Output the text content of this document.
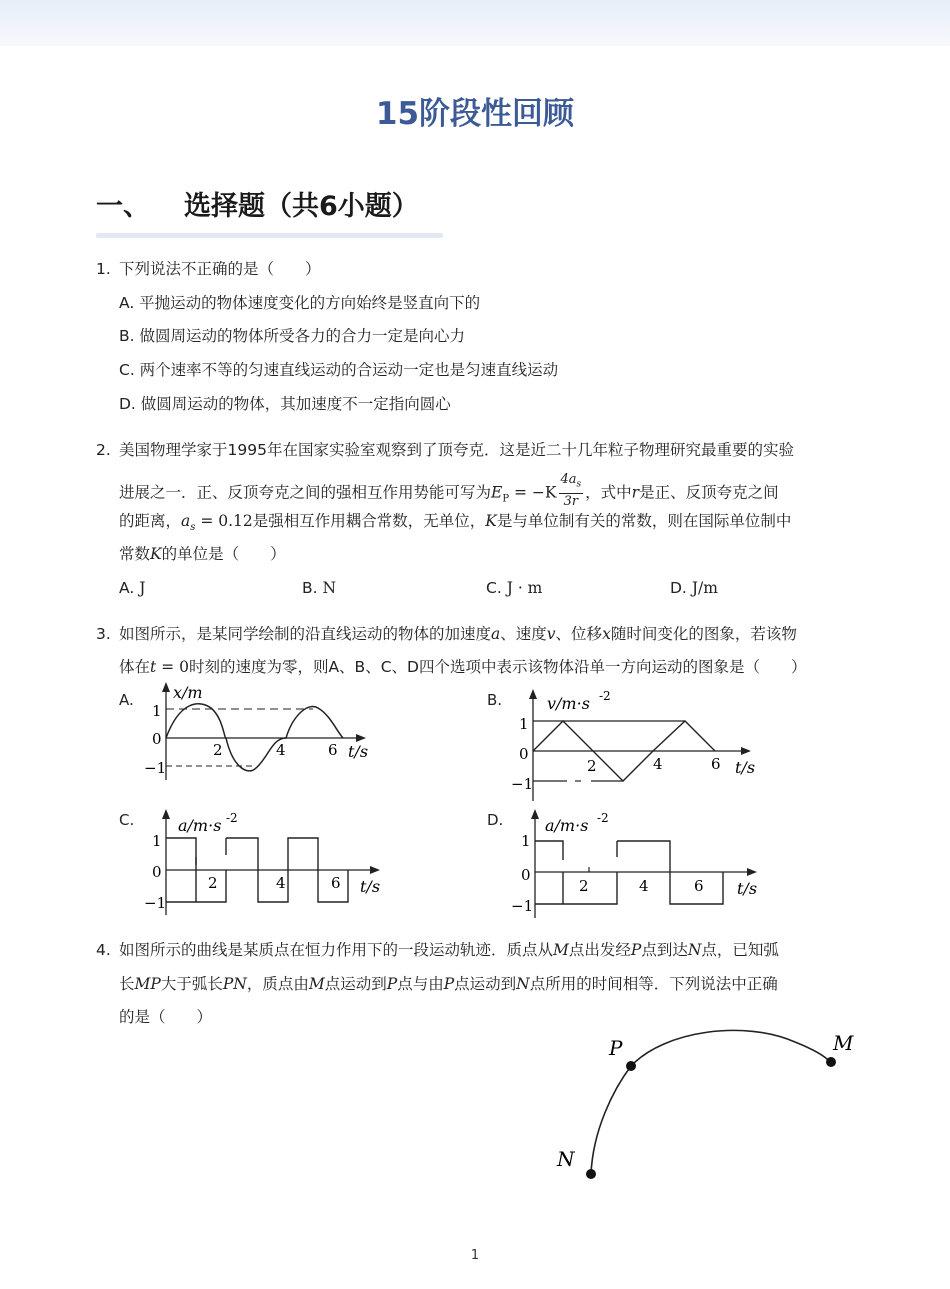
15阶段性回顾
一、 选择题（共6小题）
1. 下列说法不正确的是（　　）
A. 平抛运动的物体速度变化的方向始终是竖直向下的
B. 做圆周运动的物体所受各力的合力一定是向心力
C. 两个速率不等的匀速直线运动的合运动一定也是匀速直线运动
D. 做圆周运动的物体，其加速度不一定指向圆心
2. 美国物理学家于1995年在国家实验室观察到了顶夸克．这是近二十几年粒子物理研究最重要的实验
进展之一．正、反顶夸克之间的强相互作用势能可写为$E_P = -K \frac{4a_s}{3r}$ ，式中r是正、反顶夸克之间
的距离，$a_s = 0.12$是强相互作用耦合常数，无单位，K是与单位制有关的常数，则在国际单位制中
常数K的单位是（　　）
A. J	B. N	C. J · m	D. J/m
3. 如图所示，是某同学绘制的沿直线运动的物体的加速度a、速度v、位移x随时间变化的图象，若该物
体在t = 0时刻的速度为零，则A、B、C、D四个选项中表示该物体沿单一方向运动的图象是（　　）
A. x/m
1
0
−1
2	4	6 t/s
B.	v/m·s -2
1
0
−1
2	4	6 t/s
C.	a/m·s -2
1
0
−1
2	4	6 t/s
D.	a/m·s -2
1
0
−1
2	4	6 t/s
4. 如图所示的曲线是某质点在恒力作用下的一段运动轨迹．质点从M点出发经P点到达N点，已知弧
长MP大于弧长PN，质点由M点运动到P点与由P点运动到N点所用的时间相等．下列说法中正确
的是（　　）
P	M
N
1
